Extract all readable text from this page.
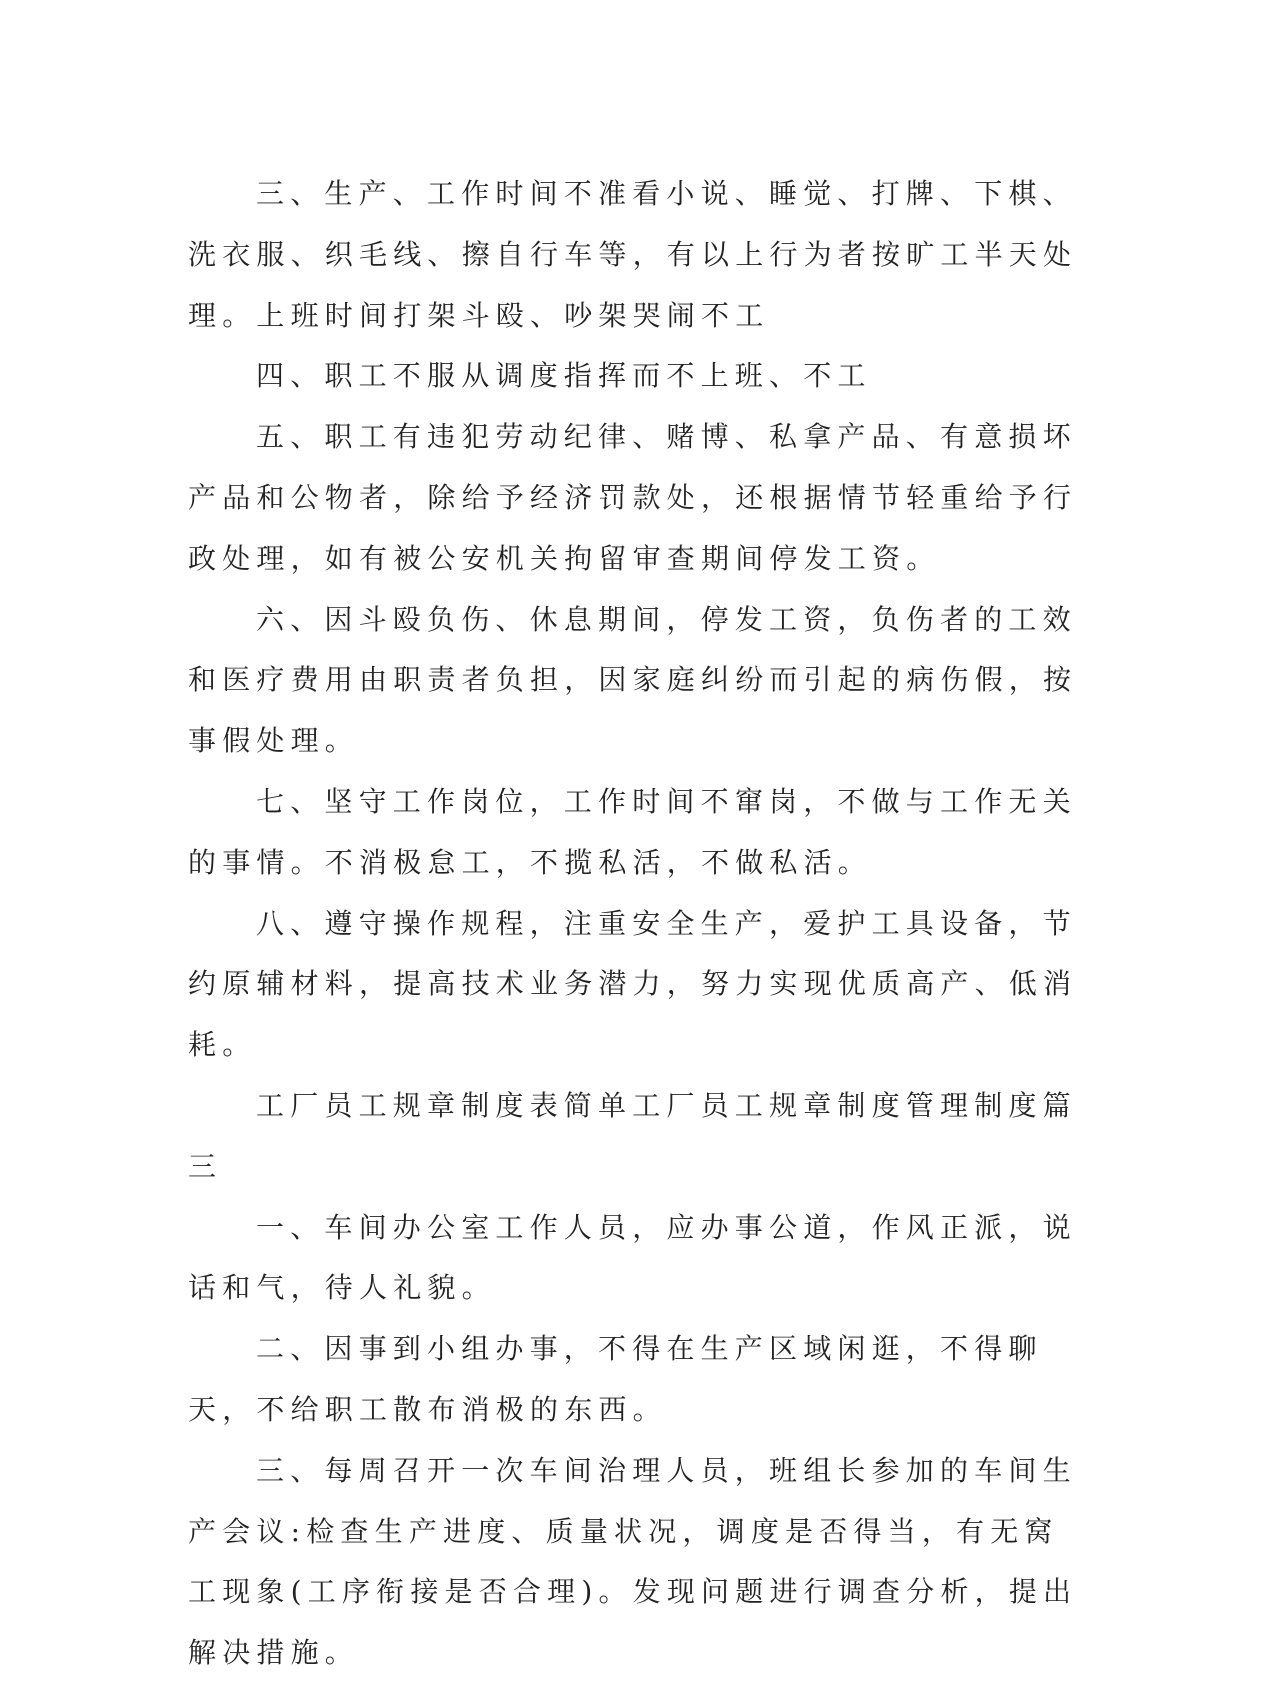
三、生产、工作时间不准看小说、睡觉、打牌、下棋、洗衣服、织毛线、擦自行车等，有以上行为者按旷工半天处理。上班时间打架斗殴、吵架哭闹不工

四、职工不服从调度指挥而不上班、不工

五、职工有违犯劳动纪律、赌博、私拿产品、有意损坏产品和公物者，除给予经济罚款处，还根据情节轻重给予行政处理，如有被公安机关拘留审查期间停发工资。

六、因斗殴负伤、休息期间，停发工资，负伤者的工效和医疗费用由职责者负担，因家庭纠纷而引起的病伤假，按事假处理。

七、坚守工作岗位，工作时间不窜岗，不做与工作无关的事情。不消极怠工，不揽私活，不做私活。

八、遵守操作规程，注重安全生产，爱护工具设备，节约原辅材料，提高技术业务潜力，努力实现优质高产、低消耗。

工厂员工规章制度表简单工厂员工规章制度管理制度篇三

一、车间办公室工作人员，应办事公道，作风正派，说话和气，待人礼貌。

二、因事到小组办事，不得在生产区域闲逛，不得聊天，不给职工散布消极的东西。

三、每周召开一次车间治理人员，班组长参加的车间生产会议:检查生产进度、质量状况，调度是否得当，有无窝工现象(工序衔接是否合理)。发现问题进行调查分析，提出解决措施。
